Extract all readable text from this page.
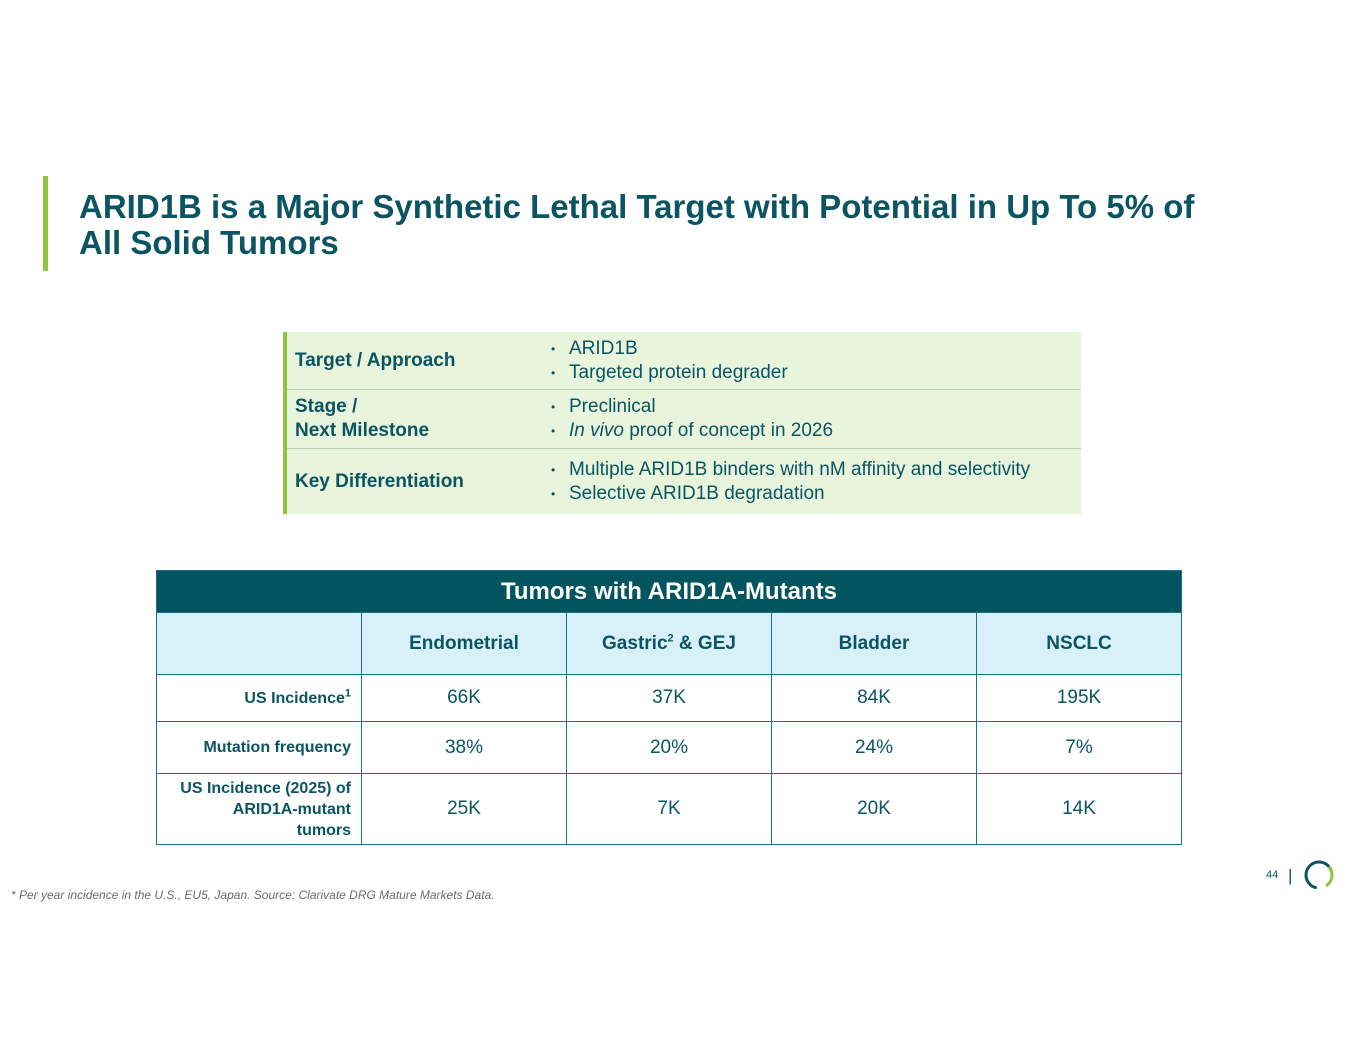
ARID1B is a Major Synthetic Lethal Target with Potential in Up To 5% of
All Solid Tumors
Target / Approach
• ARID1B
• Targeted protein degrader
Stage /
Next Milestone
• Preclinical
• In vivo proof of concept in 2026
Key Differentiation
• Multiple ARID1B binders with nM affinity and selectivity
• Selective ARID1B degradation
Tumors with ARID1A-Mutants				
	Endometrial	Gastric$^2$ & GEJ	Bladder	NSCLC
US Incidence$^1$	66K	37K	84K	195K
Mutation frequency	38%	20%	24%	7%

US Incidence (2025) of
ARID1A-mutant
tumors	25K	7K	20K	14K
* Per year incidence in the U.S., EU5, Japan. Source: Clarivate DRG Mature Markets Data.
44 |
